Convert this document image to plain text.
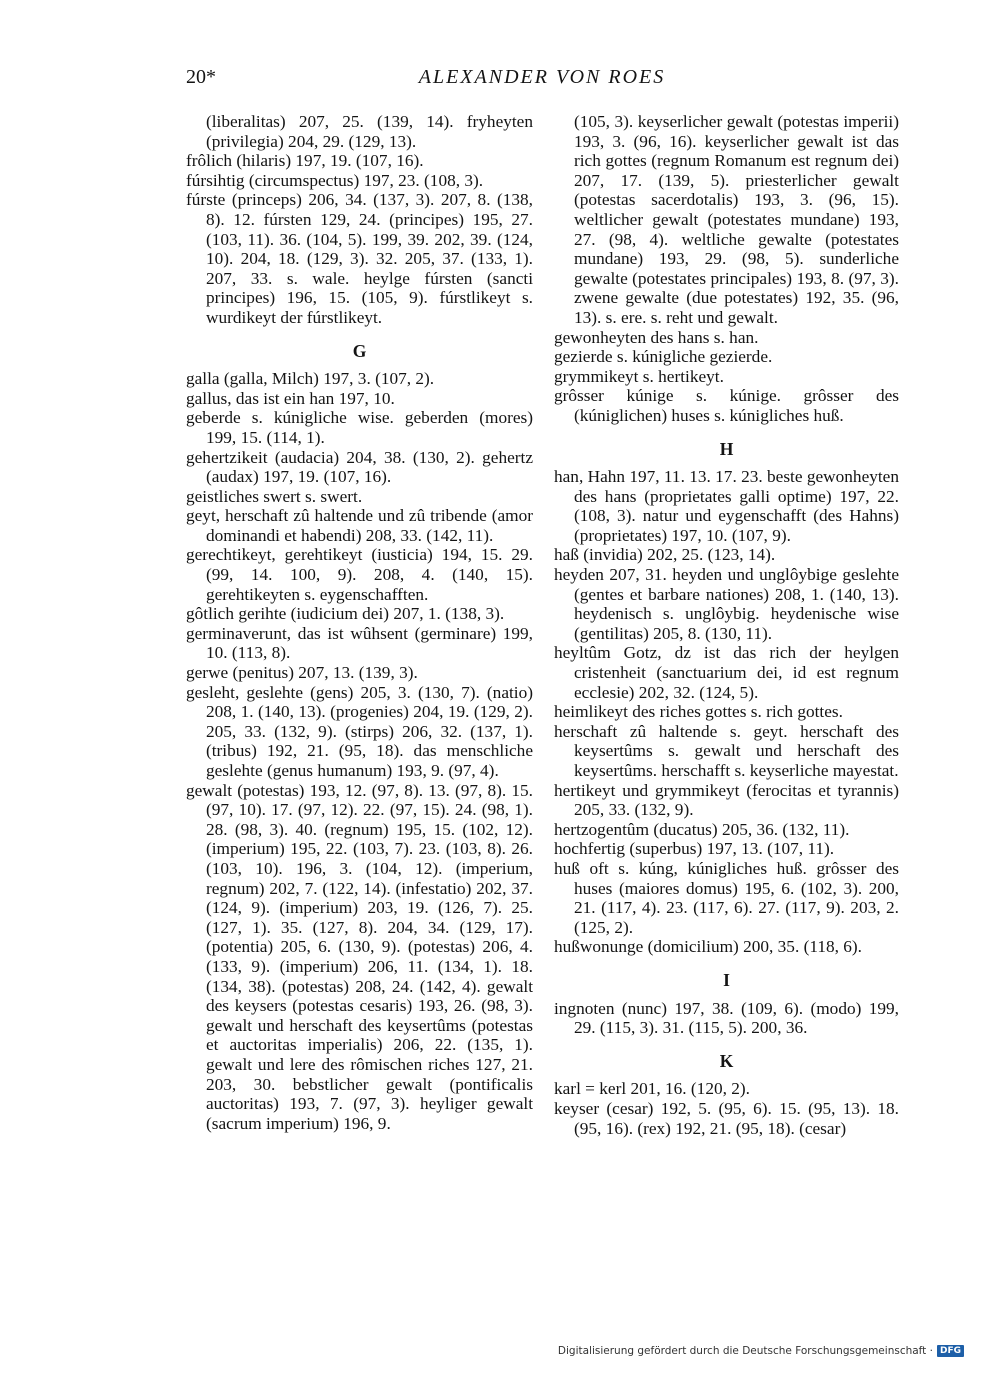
20*	ALEXANDER VON ROES
(liberalitas) 207, 25. (139, 14). fryheyten (privilegia) 204, 29. (129, 13).
frôlich (hilaris) 197, 19. (107, 16).
fúrsihtig (circumspectus) 197, 23. (108, 3).
fúrste (princeps) 206, 34. (137, 3). 207, 8. (138, 8). 12. fúrsten 129, 24. (principes) 195, 27. (103, 11). 36. (104, 5). 199, 39. 202, 39. (124, 10). 204, 18. (129, 3). 32. 205, 37. (133, 1). 207, 33. s. wale. heylge fúrsten (sancti principes) 196, 15. (105, 9). fúrstlikeyt s. wurdikeyt der fúrstlikeyt.
G
galla (galla, Milch) 197, 3. (107, 2).
gallus, das ist ein han 197, 10.
geberde s. kúnigliche wise. geberden (mores) 199, 15. (114, 1).
gehertzikeit (audacia) 204, 38. (130, 2). gehertz (audax) 197, 19. (107, 16).
geistliches swert s. swert.
geyt, herschaft zû haltende und zû tribende (amor dominandi et habendi) 208, 33. (142, 11).
gerechtikeyt, gerehtikeyt (iusticia) 194, 15. 29. (99, 14. 100, 9). 208, 4. (140, 15). gerehtikeyten s. eygenschafften.
gôtlich gerihte (iudicium dei) 207, 1. (138, 3).
germinaverunt, das ist wûhsent (germinare) 199, 10. (113, 8).
gerwe (penitus) 207, 13. (139, 3).
gesleht, geslehte (gens) 205, 3. (130, 7). (natio) 208, 1. (140, 13). (progenies) 204, 19. (129, 2). 205, 33. (132, 9). (stirps) 206, 32. (137, 1). (tribus) 192, 21. (95, 18). das menschliche geslehte (genus humanum) 193, 9. (97, 4).
gewalt (potestas) 193, 12. (97, 8). 13. (97, 8). 15. (97, 10). 17. (97, 12). 22. (97, 15). 24. (98, 1). 28. (98, 3). 40. (regnum) 195, 15. (102, 12). (imperium) 195, 22. (103, 7). 23. (103, 8). 26. (103, 10). 196, 3. (104, 12). (imperium, regnum) 202, 7. (122, 14). (infestatio) 202, 37. (124, 9). (imperium) 203, 19. (126, 7). 25. (127, 1). 35. (127, 8). 204, 34. (129, 17). (potentia) 205, 6. (130, 9). (potestas) 206, 4. (133, 9). (imperium) 206, 11. (134, 1). 18. (134, 38). (potestas) 208, 24. (142, 4). gewalt des keysers (potestas cesaris) 193, 26. (98, 3). gewalt und herschaft des keysertûms (potestas et auctoritas imperialis) 206, 22. (135, 1). gewalt und lere des rômischen riches 127, 21. 203, 30. bebstlicher gewalt (pontificalis auctoritas) 193, 7. (97, 3). heyliger gewalt (sacrum imperium) 196, 9.
(105, 3). keyserlicher gewalt (potestas imperii) 193, 3. (96, 16). keyserlicher gewalt ist das rich gottes (regnum Romanum est regnum dei) 207, 17. (139, 5). priesterlicher gewalt (potestas sacerdotalis) 193, 3. (96, 15). weltlicher gewalt (potestates mundane) 193, 27. (98, 4). weltliche gewalte (potestates mundane) 193, 29. (98, 5). sunderliche gewalte (potestates principales) 193, 8. (97, 3). zwene gewalte (due potestates) 192, 35. (96, 13). s. ere. s. reht und gewalt.
gewonheyten des hans s. han.
gezierde s. kúnigliche gezierde.
grymmikeyt s. hertikeyt.
grôsser kúnige s. kúnige. grôsser des (kúniglichen) huses s. kúnigliches huß.
H
han, Hahn 197, 11. 13. 17. 23. beste gewonheyten des hans (proprietates galli optime) 197, 22. (108, 3). natur und eygenschafft (des Hahns) (proprietates) 197, 10. (107, 9).
haß (invidia) 202, 25. (123, 14).
heyden 207, 31. heyden und unglôybige geslehte (gentes et barbare nationes) 208, 1. (140, 13). heydenisch s. unglôybig. heydenische wise (gentilitas) 205, 8. (130, 11).
heyltûm Gotz, dz ist das rich der heylgen cristenheit (sanctuarium dei, id est regnum ecclesie) 202, 32. (124, 5).
heimlikeyt des riches gottes s. rich gottes.
herschaft zû haltende s. geyt. herschaft des keysertûms s. gewalt und herschaft des keysertûms. herschafft s. keyserliche mayestat.
hertikeyt und grymmikeyt (ferocitas et tyrannis) 205, 33. (132, 9).
hertzogentûm (ducatus) 205, 36. (132, 11).
hochfertig (superbus) 197, 13. (107, 11).
huß oft s. kúng, kúnigliches huß. grôsser des huses (maiores domus) 195, 6. (102, 3). 200, 21. (117, 4). 23. (117, 6). 27. (117, 9). 203, 2. (125, 2).
hußwonunge (domicilium) 200, 35. (118, 6).
I
ingnoten (nunc) 197, 38. (109, 6). (modo) 199, 29. (115, 3). 31. (115, 5). 200, 36.
K
karl = kerl 201, 16. (120, 2).
keyser (cesar) 192, 5. (95, 6). 15. (95, 13). 18. (95, 16). (rex) 192, 21. (95, 18). (cesar)
Digitalisierung gefördert durch die Deutsche Forschungsgemeinschaft · DFG
